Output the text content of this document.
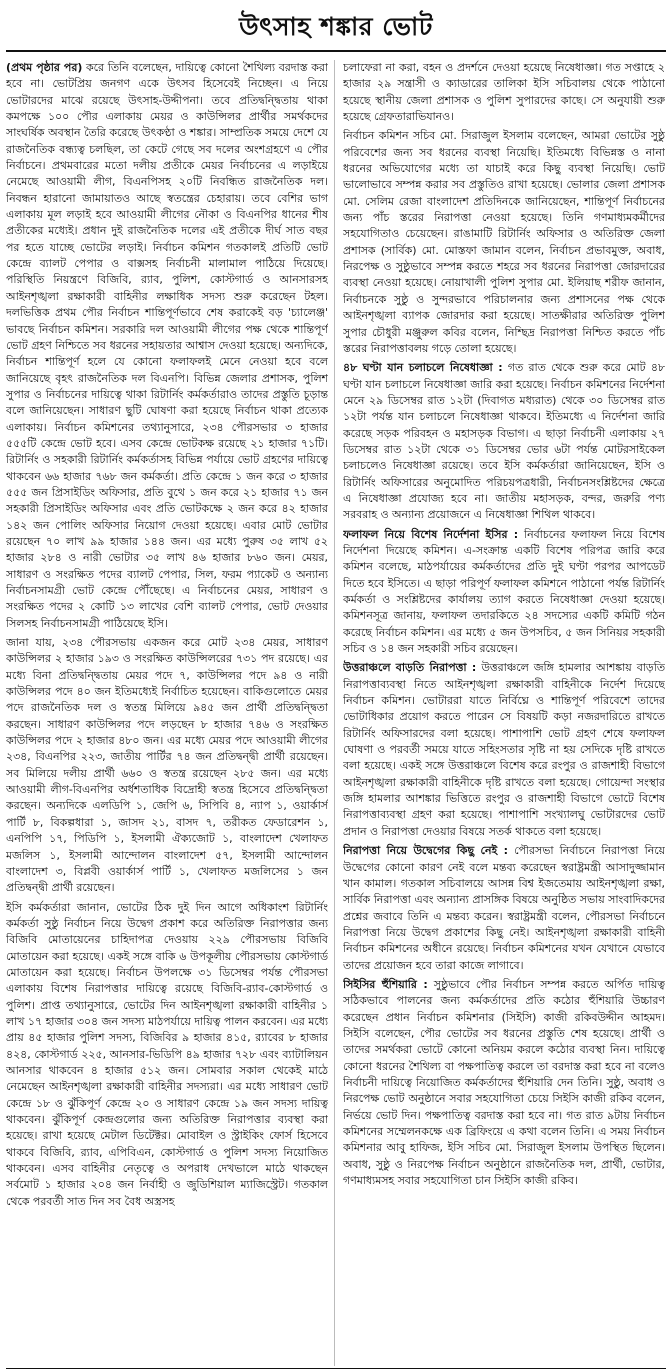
উৎসাহ শঙ্কার ভোট

(প্রথম পৃষ্ঠার পর) করে তিনি বলেছেন, দায়িত্বে কোনো শৈথিল্য বরদাস্ত করা হবে না। ভোটপ্রিয় জনগণ একে উৎসব হিসেবেই নিচ্ছেন। এ নিয়ে ভোটারদের মাঝে রয়েছে উৎসাহ-উদ্দীপনা। তবে প্রতিদ্বন্দ্বিতায় থাকা কমপক্ষে ১০০ পৌর এলাকায় মেয়র ও কাউন্সিলর প্রার্থীর সমর্থকদের সাংঘর্ষিক অবস্থান তৈরি করেছে উৎকণ্ঠা ও শঙ্কার। সাম্প্রতিক সময়ে দেশে যে রাজনৈতিক বন্ধ্যত্ব চলছিল, তা কেটে গেছে সব দলের অংশগ্রহণে এ পৌর নির্বাচনে। প্রথমবারের মতো দলীয় প্রতীকে মেয়র নির্বাচনের এ লড়াইয়ে নেমেছে আওয়ামী লীগ, বিএনপিসহ ২০টি নিবন্ধিত রাজনৈতিক দল। নিবন্ধন হারানো জামায়াতও আছে স্বতন্ত্রের চেহারায়। তবে বেশির ভাগ এলাকায় মূল লড়াই হবে আওয়ামী লীগের নৌকা ও বিএনপির ধানের শীষ প্রতীকের মধ্যেই। প্রধান দুই রাজনৈতিক দলের এই প্রতীকে দীর্ঘ সাত বছর পর হতে যাচ্ছে ভোটের লড়াই। নির্বাচন কমিশন গতকালই প্রতিটি ভোট কেন্দ্রে ব্যালট পেপার ও বাক্সসহ নির্বাচনী মালামাল পাঠিয়ে দিয়েছে। পরিস্থিতি নিয়ন্ত্রণে বিজিবি, র‍্যাব, পুলিশ, কোস্টগার্ড ও আনসারসহ আইনশৃঙ্খলা রক্ষাকারী বাহিনীর লক্ষাধিক সদস্য শুরু করেছেন টহল। দলভিত্তিক প্রথম পৌর নির্বাচন শান্তিপূর্ণভাবে শেষ করাকেই বড় 'চ্যালেঞ্জ' ভাবছে নির্বাচন কমিশন। সরকারি দল আওয়ামী লীগের পক্ষ থেকে শান্তিপূর্ণ ভোট গ্রহণ নিশ্চিতে সব ধরনের সহায়তার আশ্বাস দেওয়া হয়েছে। অন্যদিকে, নির্বাচন শান্তিপূর্ণ হলে যে কোনো ফলাফলই মেনে নেওয়া হবে বলে জানিয়েছে বৃহৎ রাজনৈতিক দল বিএনপি। বিভিন্ন জেলার প্রশাসক, পুলিশ সুপার ও নির্বাচনের দায়িত্বে থাকা রিটার্নিং কর্মকর্তারাও তাদের প্রস্তুতি চূড়ান্ত বলে জানিয়েছেন। সাধারণ ছুটি ঘোষণা করা হয়েছে নির্বাচন থাকা প্রত্যেক এলাকায়। নির্বাচন কমিশনের তথ্যানুসারে, ২৩৪ পৌরসভার ৩ হাজার ৫৫৫টি কেন্দ্রে ভোট হবে। এসব কেন্দ্রে ভোটকক্ষ রয়েছে ২১ হাজার ৭১টি। রিটার্নিং ও সহকারী রিটার্নিং কর্মকর্তাসহ বিভিন্ন পর্যায়ে ভোট গ্রহণের দায়িত্বে থাকবেন ৬৬ হাজার ৭৬৮ জন কর্মকর্তা। প্রতি কেন্দ্রে ১ জন করে ৩ হাজার ৫৫৫ জন প্রিসাইডিং অফিসার, প্রতি বুথে ১ জন করে ২১ হাজার ৭১ জন সহকারী প্রিসাইডিং অফিসার এবং প্রতি ভোটকক্ষে ২ জন করে ৪২ হাজার ১৪২ জন পোলিং অফিসার নিয়োগ দেওয়া হয়েছে। এবার মোট ভোটার রয়েছেন ৭০ লাখ ৯৯ হাজার ১৪৪ জন। এর মধ্যে পুরুষ ৩৫ লাখ ৫২ হাজার ২৮৪ ও নারী ভোটার ৩৫ লাখ ৪৬ হাজার ৮৬০ জন। মেয়র, সাধারণ ও সংরক্ষিত পদের ব্যালট পেপার, সিল, ফরম প্যাকেট ও অন্যান্য নির্বাচনসামগ্রী ভোট কেন্দ্রে পৌঁছেছে। এ নির্বাচনের মেয়র, সাধারণ ও সংরক্ষিত পদের ২ কোটি ১৩ লাখের বেশি ব্যালট পেপার, ভোট দেওয়ার সিলসহ নির্বাচনসামগ্রী পাঠিয়েছে ইসি।

জানা যায়, ২৩৪ পৌরসভায় একজন করে মোট ২৩৪ মেয়র, সাধারণ কাউন্সিলর ২ হাজার ১৯৩ ও সংরক্ষিত কাউন্সিলরের ৭৩১ পদ রয়েছে। এর মধ্যে বিনা প্রতিদ্বন্দ্বিতায় মেয়র পদে ৭, কাউন্সিলর পদে ৯৪ ও নারী কাউন্সিলর পদে ৪০ জন ইতিমধ্যেই নির্বাচিত হয়েছেন। বাকিগুলোতে মেয়র পদে রাজনৈতিক দল ও স্বতন্ত্র মিলিয়ে ৯৪৫ জন প্রার্থী প্রতিদ্বন্দ্বিতা করছেন। সাধারণ কাউন্সিলর পদে লড়ছেন ৮ হাজার ৭৪৬ ও সংরক্ষিত কাউন্সিলর পদে ২ হাজার ৪৮০ জন। এর মধ্যে মেয়র পদে আওয়ামী লীগের ২৩৪, বিএনপির ২২৩, জাতীয় পার্টির ৭৪ জন প্রতিদ্বন্দ্বী প্রার্থী রয়েছেন। সব মিলিয়ে দলীয় প্রার্থী ৬৬০ ও স্বতন্ত্র রয়েছেন ২৮৫ জন। এর মধ্যে আওয়ামী লীগ-বিএনপির অর্ধশতাধিক বিদ্রোহী স্বতন্ত্র হিসেবে প্রতিদ্বন্দ্বিতা করছেন। অন্যদিকে এলডিপি ১, জেপি ৬, সিপিবি ৪, ন্যাপ ১, ওয়ার্কার্স পার্টি ৮, বিকল্পধারা ১, জাসদ ২১, বাসদ ৭, তরীকত ফেডারেশন ১, এনপিপি ১৭, পিডিপি ১, ইসলামী ঐক্যজোট ১, বাংলাদেশ খেলাফত মজলিস ১, ইসলামী আন্দোলন বাংলাদেশ ৫৭, ইসলামী আন্দোলন বাংলাদেশ ৩, বিপ্লবী ওয়ার্কার্স পার্টি ১, খেলাফত মজলিসের ১ জন প্রতিদ্বন্দ্বী প্রার্থী রয়েছেন।

ইসি কর্মকর্তারা জানান, ভোটের ঠিক দুই দিন আগে অধিকাংশ রিটার্নিং কর্মকর্তা সুষ্ঠু নির্বাচন নিয়ে উদ্বেগ প্রকাশ করে অতিরিক্ত নিরাপত্তার জন্য বিজিবি মোতায়েনের চাহিদাপত্র দেওয়ায় ২২৯ পৌরসভায় বিজিবি মোতায়েন করা হয়েছে। একই সঙ্গে বাকি ৬ উপকূলীয় পৌরসভায় কোস্টগার্ড মোতায়েন করা হয়েছে। নির্বাচন উপলক্ষে ৩১ ডিসেম্বর পর্যন্ত পৌরসভা এলাকায় বিশেষ নিরাপত্তার দায়িত্বে রয়েছে বিজিবি-র‍্যাব-কোস্টগার্ড ও পুলিশ। প্রাপ্ত তথ্যানুসারে, ভোটের দিন আইনশৃঙ্খলা রক্ষাকারী বাহিনীর ১ লাখ ১৭ হাজার ৩০৪ জন সদস্য মাঠপর্যায়ে দায়িত্ব পালন করবেন। এর মধ্যে প্রায় ৪৫ হাজার পুলিশ সদস্য, বিজিবির ৯ হাজার ৪১৫, র‍্যাবের ৮ হাজার ৪২৪, কোস্টগার্ড ২২৫, আনসার-ভিডিপি ৪৯ হাজার ৭২৮ এবং ব্যাটালিয়ন আনসার থাকবেন ৪ হাজার ৫১২ জন। সোমবার সকাল থেকেই মাঠে নেমেছেন আইনশৃঙ্খলা রক্ষাকারী বাহিনীর সদস্যরা। এর মধ্যে সাধারণ ভোট কেন্দ্রে ১৮ ও ঝুঁকিপূর্ণ কেন্দ্রে ২০ ও সাধারণ কেন্দ্রে ১৯ জন সদস্য দায়িত্ব থাকবেন। ঝুঁকিপূর্ণ কেন্দ্রগুলোর জন্য অতিরিক্ত নিরাপত্তার ব্যবস্থা করা হয়েছে। রাখা হয়েছে মেটাল ডিটেক্টর। মোবাইল ও স্ট্রাইকিং ফোর্স হিসেবে থাকবে বিজিবি, র‍্যাব, এপিবিএন, কোস্টগার্ড ও পুলিশ সদস্য নিয়োজিত থাকবেন। এসব বাহিনীর নেতৃত্বে ও অপরাধ দেখভালে মাঠে থাকছেন সর্বমোট ১ হাজার ২০৪ জন নির্বাহী ও জুডিশিয়াল ম্যাজিস্ট্রেট। গতকাল থেকে পরবর্তী সাত দিন সব বৈধ অস্ত্রসহ

চলাফেরা না করা, বহন ও প্রদর্শনে দেওয়া হয়েছে নিষেধাজ্ঞা। গত সপ্তাহে ২ হাজার ২৯ সন্ত্রাসী ও ক্যাডারের তালিকা ইসি সচিবালয় থেকে পাঠানো হয়েছে স্থানীয় জেলা প্রশাসক ও পুলিশ সুপারদের কাছে। সে অনুযায়ী শুরু হয়েছে গ্রেফতারাভিযানও।

নির্বাচন কমিশন সচিব মো. সিরাজুল ইসলাম বলেছেন, আমরা ভোটের সুষ্ঠু পরিবেশের জন্য সব ধরনের ব্যবস্থা নিয়েছি। ইতিমধ্যে বিভিন্নস্ত ও নানা ধরনের অভিযোগের মধ্যে তা যাচাই করে কিছু ব্যবস্থা নিয়েছি। ভোট ভালোভাবে সম্পন্ন করার সব প্রস্তুতিও রাখা হয়েছে। ভোলার জেলা প্রশাসক মো. সেলিম রেজা বাংলাদেশ প্রতিদিনকে জানিয়েছেন, শান্তিপূর্ণ নির্বাচনের জন্য পাঁচ স্তরের নিরাপত্তা নেওয়া হয়েছে। তিনি গণমাধ্যমকর্মীদের সহযোগিতাও চেয়েছেন। রাঙামাটি রিটার্নিং অফিসার ও অতিরিক্ত জেলা প্রশাসক (সার্বিক) মো. মোস্তফা জামান বলেন, নির্বাচন প্রভাবমুক্ত, অবাধ, নিরপেক্ষ ও সুষ্ঠুভাবে সম্পন্ন করতে শহরে সব ধরনের নিরাপত্তা জোরদারের ব্যবস্থা নেওয়া হয়েছে। নোয়াখালী পুলিশ সুপার মো. ইলিয়াছ শরীফ জানান, নির্বাচনকে সুষ্ঠু ও সুন্দরভাবে পরিচালনার জন্য প্রশাসনের পক্ষ থেকে আইনশৃঙ্খলা ব্যাপক জোরদার করা হয়েছে। সাতক্ষীরার অতিরিক্ত পুলিশ সুপার চৌধুরী মঞ্জুরুল কবির বলেন, নিশ্ছিদ্র নিরাপত্তা নিশ্চিত করতে পাঁচ স্তরের নিরাপত্তাবলয় গড়ে তোলা হয়েছে।

৪৮ ঘণ্টা যান চলাচলে নিষেধাজ্ঞা : গত রাত থেকে শুরু করে মোট ৪৮ ঘণ্টা যান চলাচলে নিষেধাজ্ঞা জারি করা হয়েছে। নির্বাচন কমিশনের নির্দেশনা মেনে ২৯ ডিসেম্বর রাত ১২টা (দিবাগত মধ্যরাত) থেকে ৩০ ডিসেম্বর রাত ১২টা পর্যন্ত যান চলাচলে নিষেধাজ্ঞা থাকবে। ইতিমধ্যে এ নির্দেশনা জারি করেছে সড়ক পরিবহন ও মহাসড়ক বিভাগ। এ ছাড়া নির্বাচনী এলাকায় ২৭ ডিসেম্বর রাত ১২টা থেকে ৩১ ডিসেম্বর ভোর ৬টা পর্যন্ত মোটরসাইকেল চলাচলেও নিষেধাজ্ঞা রয়েছে। তবে ইসি কর্মকর্তারা জানিয়েছেন, ইসি ও রিটার্নিং অফিসারের অনুমোদিত পরিচয়পত্রধারী, নির্বাচনসংশ্লিষ্টদের ক্ষেত্রে এ নিষেধাজ্ঞা প্রযোজ্য হবে না। জাতীয় মহাসড়ক, বন্দর, জরুরি পণ্য সরবরাহ ও অন্যান্য প্রয়োজনে এ নিষেধাজ্ঞা শিথিল থাকবে।

ফলাফল নিয়ে বিশেষ নির্দেশনা ইসির : নির্বাচনের ফলাফল নিয়ে বিশেষ নির্দেশনা দিয়েছে কমিশন। এ-সংক্রান্ত একটি বিশেষ পরিপত্র জারি করে কমিশন বলেছে, মাঠপর্যায়ের কর্মকর্তাদের প্রতি দুই ঘণ্টা পরপর আপডেট দিতে হবে ইসিতে। এ ছাড়া পরিপূর্ণ ফলাফল কমিশনে পাঠানো পর্যন্ত রিটার্নিং কর্মকর্তা ও সংশ্লিষ্টদের কার্যালয় ত্যাগ করতে নিষেধাজ্ঞা দেওয়া হয়েছে। কমিশনসূত্র জানায়, ফলাফল তদারকিতে ২৪ সদস্যের একটি কমিটি গঠন করেছে নির্বাচন কমিশন। এর মধ্যে ৫ জন উপসচিব, ৫ জন সিনিয়র সহকারী সচিব ও ১৪ জন সহকারী সচিব রয়েছেন।

উত্তরাঞ্চলে বাড়তি নিরাপত্তা : উত্তরাঞ্চলে জঙ্গি হামলার আশঙ্কায় বাড়তি নিরাপত্তাব্যবস্থা নিতে আইনশৃঙ্খলা রক্ষাকারী বাহিনীকে নির্দেশ দিয়েছে নির্বাচন কমিশন। ভোটাররা যাতে নির্বিঘ্নে ও শান্তিপূর্ণ পরিবেশে তাদের ভোটাধিকার প্রয়োগ করতে পারেন সে বিষয়টি কড়া নজরদারিতে রাখতে রিটার্নিং অফিসারদের বলা হয়েছে। পাশাপাশি ভোট গ্রহণ শেষে ফলাফল ঘোষণা ও পরবর্তী সময়ে যাতে সহিংসতার সৃষ্টি না হয় সেদিকে দৃষ্টি রাখতে বলা হয়েছে। একই সঙ্গে উত্তরাঞ্চলে বিশেষ করে রংপুর ও রাজশাহী বিভাগে আইনশৃঙ্খলা রক্ষাকারী বাহিনীকে দৃষ্টি রাখতে বলা হয়েছে। গোয়েন্দা সংস্থার জঙ্গি হামলার আশঙ্কার ভিত্তিতে রংপুর ও রাজশাহী বিভাগে ভোটে বিশেষ নিরাপত্তাব্যবস্থা গ্রহণ করা হয়েছে। পাশাপাশি সংখ্যালঘু ভোটারদের ভোট প্রদান ও নিরাপত্তা দেওয়ার বিষয়ে সতর্ক থাকতে বলা হয়েছে।

নিরাপত্তা নিয়ে উদ্বেগের কিছু নেই : পৌরসভা নির্বাচনে নিরাপত্তা নিয়ে উদ্বেগের কোনো কারণ নেই বলে মন্তব্য করেছেন স্বরাষ্ট্রমন্ত্রী আসাদুজ্জামান খান কামাল। গতকাল সচিবালয়ে আসন্ন বিশ্ব ইজতেমায় আইনশৃঙ্খলা রক্ষা, সার্বিক নিরাপত্তা এবং অন্যান্য প্রাসঙ্গিক বিষয়ে অনুষ্ঠিত সভায় সাংবাদিকদের প্রশ্নের জবাবে তিনি এ মন্তব্য করেন। স্বরাষ্ট্রমন্ত্রী বলেন, পৌরসভা নির্বাচনে নিরাপত্তা নিয়ে উদ্বেগ প্রকাশের কিছু নেই। আইনশৃঙ্খলা রক্ষাকারী বাহিনী নির্বাচন কমিশনের অধীনে রয়েছে। নির্বাচন কমিশনের যখন যেখানে যেভাবে তাদের প্রয়োজন হবে তারা কাজে লাগাবে।

সিইসির হুঁশিয়ারি : সুষ্ঠুভাবে পৌর নির্বাচন সম্পন্ন করতে অর্পিত দায়িত্ব সঠিকভাবে পালনের জন্য কর্মকর্তাদের প্রতি কঠোর হুঁশিয়ারি উচ্চারণ করেছেন প্রধান নির্বাচন কমিশনার (সিইসি) কাজী রকিবউদ্দীন আহমদ। সিইসি বলেছেন, পৌর ভোটের সব ধরনের প্রস্তুতি শেষ হয়েছে। প্রার্থী ও তাদের সমর্থকরা ভোটে কোনো অনিয়ম করলে কঠোর ব্যবস্থা নিন। দায়িত্বে কোনো ধরনের শৈথিল্য বা পক্ষপাতিত্ব করলে তা বরদাস্ত করা হবে না বলেও নির্বাচনী দায়িত্বে নিয়োজিত কর্মকর্তাদের হুঁশিয়ারি দেন তিনি। সুষ্ঠু, অবাধ ও নিরপেক্ষ ভোট অনুষ্ঠানে সবার সহযোগিতা চেয়ে সিইসি কাজী রকিব বলেন, নির্ভয়ে ভোট দিন। পক্ষপাতিত্ব বরদাস্ত করা হবে না। গত রাত ৯টায় নির্বাচন কমিশনের সম্মেলনকক্ষে এক ব্রিফিংয়ে এ কথা বলেন তিনি। এ সময় নির্বাচন কমিশনার আবু হাফিজ, ইসি সচিব মো. সিরাজুল ইসলাম উপস্থিত ছিলেন। অবাধ, সুষ্ঠু ও নিরপেক্ষ নির্বাচন অনুষ্ঠানে রাজনৈতিক দল, প্রার্থী, ভোটার, গণমাধ্যমসহ সবার সহযোগিতা চান সিইসি কাজী রকিব।
